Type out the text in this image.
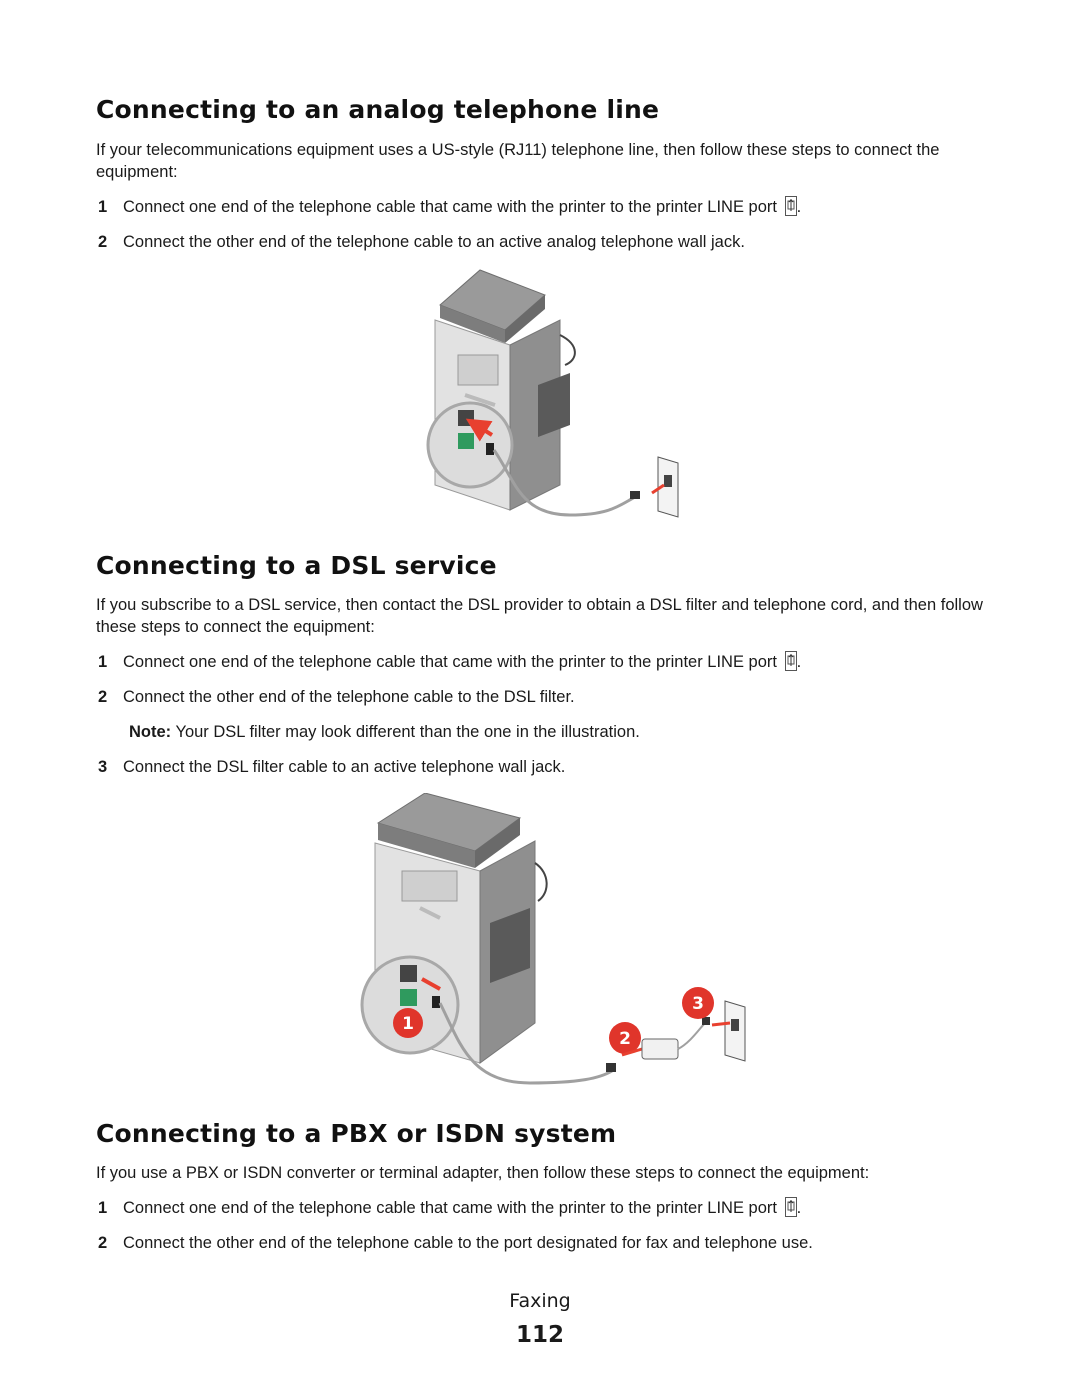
Connecting to an analog telephone line

If your telecommunications equipment uses a US-style (RJ11) telephone line, then follow these steps to connect the equipment:

1 Connect one end of the telephone cable that came with the printer to the printer LINE port .
2 Connect the other end of the telephone cable to an active analog telephone wall jack.
Connecting to a DSL service

If you subscribe to a DSL service, then contact the DSL provider to obtain a DSL filter and telephone cord, and then follow these steps to connect the equipment:

1 Connect one end of the telephone cable that came with the printer to the printer LINE port .
2 Connect the other end of the telephone cable to the DSL filter.
Note: Your DSL filter may look different than the one in the illustration.
3 Connect the DSL filter cable to an active telephone wall jack.
1
2
3
Connecting to a PBX or ISDN system

If you use a PBX or ISDN converter or terminal adapter, then follow these steps to connect the equipment:

1 Connect one end of the telephone cable that came with the printer to the printer LINE port .
2 Connect the other end of the telephone cable to the port designated for fax and telephone use.
Faxing
112
